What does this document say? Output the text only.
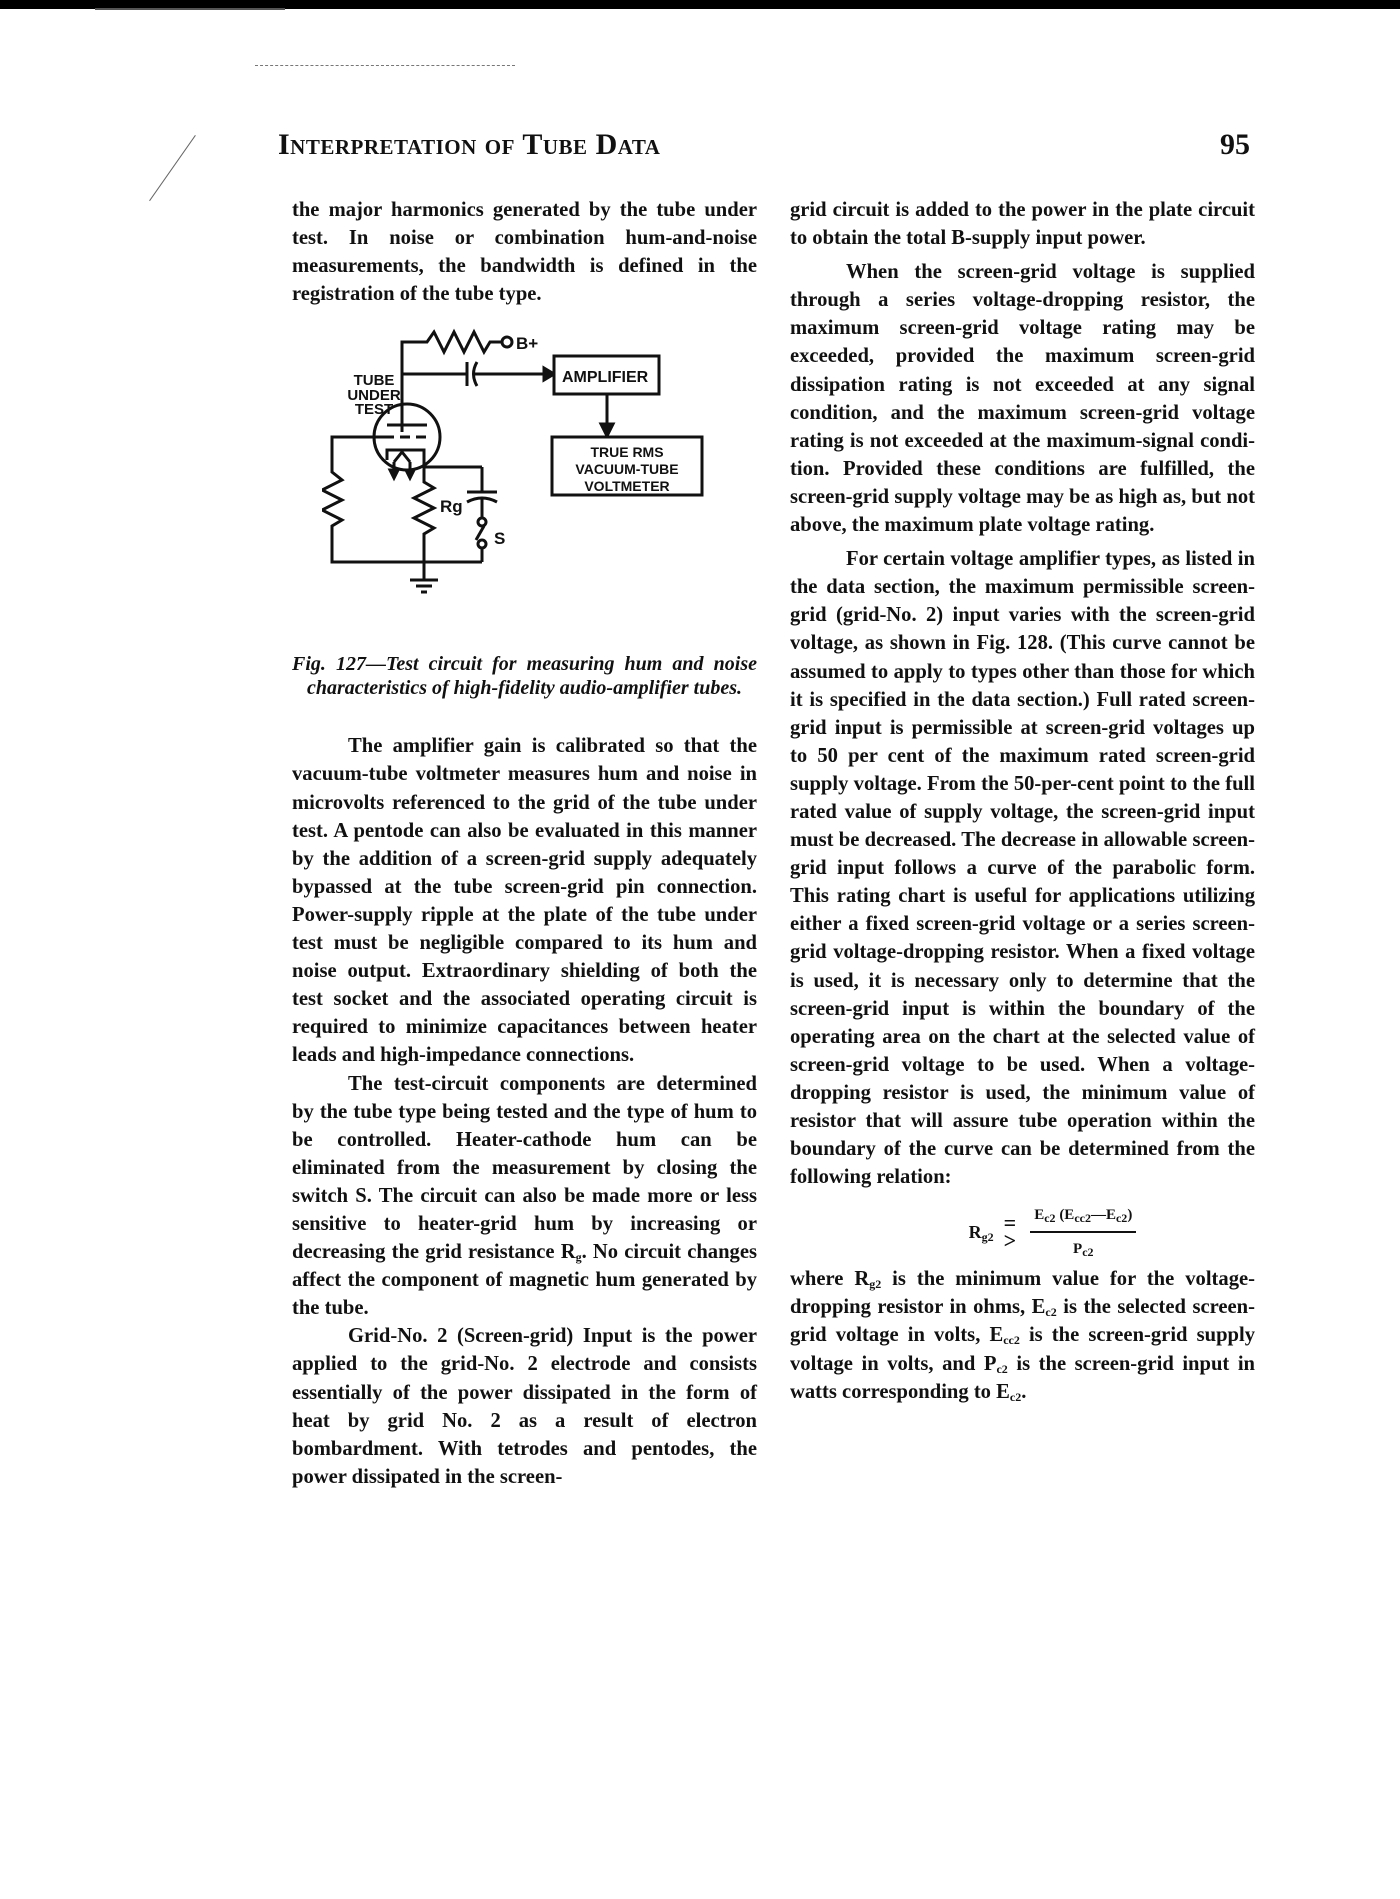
Interpretation of Tube Data	95

the major harmonics generated by the tube under test. In noise or combination hum-and-noise measurements, the bandwidth is defined in the registration of the tube type.

B+
AMPLIFIER
TRUE RMS
VACUUM-TUBE
VOLTMETER
TUBE
UNDER
TEST
Rg
S

Fig. 127—Test circuit for measuring hum and noise characteristics of high-fidelity audio-amplifier tubes.

The amplifier gain is calibrated so that the vacuum-tube voltmeter measures hum and noise in microvolts referenced to the grid of the tube under test. A pentode can also be evaluated in this manner by the addition of a screen-grid supply adequately bypassed at the tube screen-grid pin connection. Power-supply ripple at the plate of the tube under test must be negligible compared to its hum and noise output. Extraordinary shielding of both the test socket and the associated operating circuit is required to minimize capacitances between heater leads and high-impedance connections.

The test-circuit components are determined by the tube type being tested and the type of hum to be controlled. Heater-cathode hum can be eliminated from the measurement by closing the switch S. The circuit can also be made more or less sensitive to heater-grid hum by increasing or decreasing the grid resistance $R_g$. No circuit changes affect the component of magnetic hum generated by the tube.

Grid-No. 2 (Screen-grid) Input is the power applied to the grid-No. 2 electrode and consists essentially of the power dissipated in the form of heat by grid No. 2 as a result of electron bombardment. With tetrodes and pentodes, the power dissipated in the screen-

grid circuit is added to the power in the plate circuit to obtain the total B-supply input power.

When the screen-grid voltage is supplied through a series voltage-dropping resistor, the maximum screen-grid voltage rating may be exceeded, provided the maximum screen-grid dissipation rating is not exceeded at any signal condition, and the maximum screen-grid voltage rating is not exceeded at the maximum-signal condition. Provided these conditions are fulfilled, the screen-grid supply voltage may be as high as, but not above, the maximum plate voltage rating.

For certain voltage amplifier types, as listed in the data section, the maximum permissible screen-grid (grid-No. 2) input varies with the screen-grid voltage, as shown in Fig. 128. (This curve cannot be assumed to apply to types other than those for which it is specified in the data section.) Full rated screen-grid input is permissible at screen-grid voltages up to 50 per cent of the maximum rated screen-grid supply voltage. From the 50-per-cent point to the full rated value of supply voltage, the screen-grid input must be decreased. The decrease in allowable screen-grid input follows a curve of the parabolic form. This rating chart is useful for applications utilizing either a fixed screen-grid voltage or a series screen-grid voltage-dropping resistor. When a fixed voltage is used, it is necessary only to determine that the screen-grid input is within the boundary of the operating area on the chart at the selected value of screen-grid voltage to be used. When a voltage-dropping resistor is used, the minimum value of resistor that will assure tube operation within the boundary of the curve can be determined from the following relation:

$R_{g2}$
=
> $\frac{E_{c2} (E_{cc2}—E_{c2})}{P_{c2}}$

where $R_{g2}$ is the minimum value for the voltage-dropping resistor in ohms, $E_{c2}$ is the selected screen-grid voltage in volts, $E_{cc2}$ is the screen-grid supply voltage in volts, and $P_{c2}$ is the screen-grid input in watts corresponding to $E_{c2}$.
